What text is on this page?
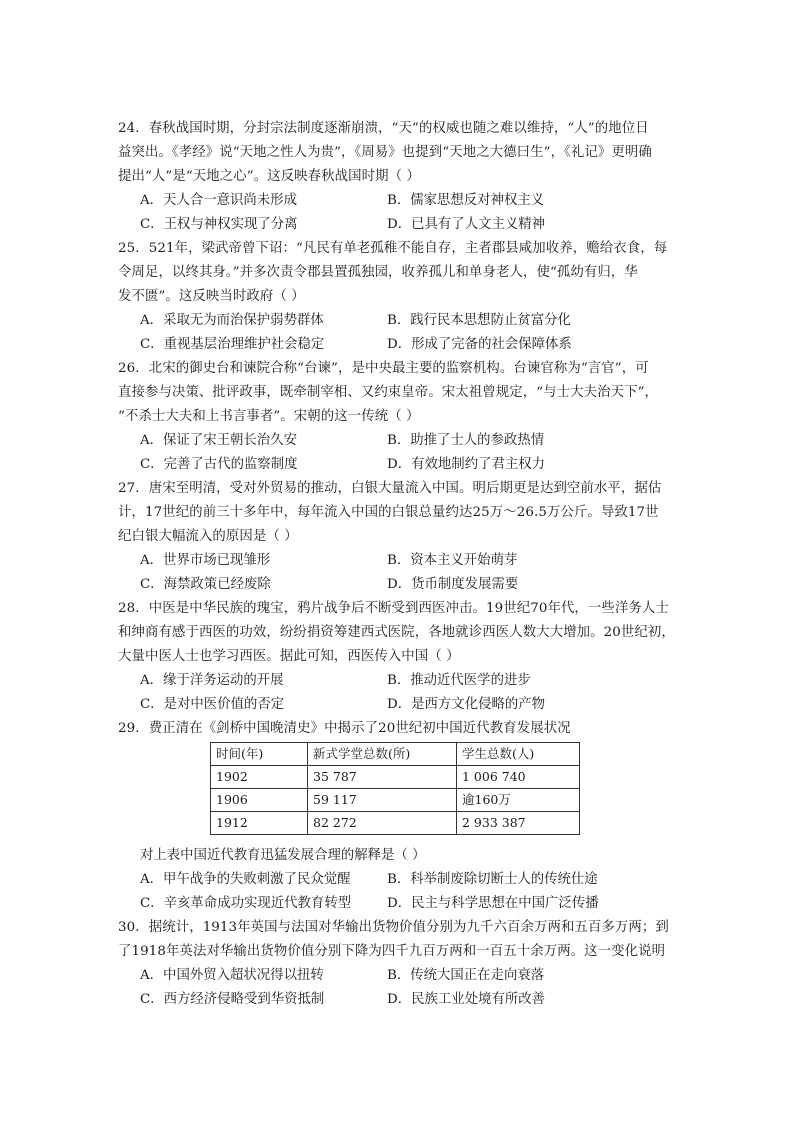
24．春秋战国时期，分封宗法制度逐渐崩溃，“天”的权威也随之难以维持，“人”的地位日
益突出。《孝经》说“天地之性人为贵”，《周易》也提到“天地之大德曰生”，《礼记》更明确
提出“人”是“天地之心”。这反映春秋战国时期（ ）
A．天人合一意识尚未形成	B．儒家思想反对神权主义
C．王权与神权实现了分离	D．已具有了人文主义精神
25．521年，梁武帝曾下诏：“凡民有单老孤稚不能自存，主者郡县咸加收养，赡给衣食，每
令周足，以终其身。”并多次责令郡县置孤独园，收养孤儿和单身老人，使“孤幼有归，华
发不匮”。这反映当时政府（ ）
A．采取无为而治保护弱势群体	B．践行民本思想防止贫富分化
C．重视基层治理维护社会稳定	D．形成了完备的社会保障体系
26．北宋的御史台和谏院合称“台谏”，是中央最主要的监察机构。台谏官称为“言官”，可
直接参与决策、批评政事，既牵制宰相、又约束皇帝。宋太祖曾规定，“与士大夫治天下”，
“不杀士大夫和上书言事者”。宋朝的这一传统（ ）
A．保证了宋王朝长治久安	B．助推了士人的参政热情
C．完善了古代的监察制度	D．有效地制约了君主权力
27．唐宋至明清，受对外贸易的推动，白银大量流入中国。明后期更是达到空前水平，据估
计，17世纪的前三十多年中，每年流入中国的白银总量约达25万～26.5万公斤。导致17世
纪白银大幅流入的原因是（ ）
A．世界市场已现雏形	B．资本主义开始萌芽
C．海禁政策已经废除	D．货币制度发展需要
28．中医是中华民族的瑰宝，鸦片战争后不断受到西医冲击。19世纪70年代，一些洋务人士
和绅商有感于西医的功效，纷纷捐资筹建西式医院，各地就诊西医人数大大增加。20世纪初，
大量中医人士也学习西医。据此可知，西医传入中国（ ）
A．缘于洋务运动的开展	B．推动近代医学的进步
C．是对中医价值的否定	D．是西方文化侵略的产物
29．费正清在《剑桥中国晚清史》中揭示了20世纪初中国近代教育发展状况
时间(年)	新式学堂总数(所)	学生总数(人)
1902	35 787	1 006 740
1906	59 117	逾160万
1912	82 272	2 933 387
对上表中国近代教育迅猛发展合理的解释是（ ）
A．甲午战争的失败刺激了民众觉醒	B．科举制废除切断士人的传统仕途
C．辛亥革命成功实现近代教育转型	D．民主与科学思想在中国广泛传播
30．据统计，1913年英国与法国对华输出货物价值分别为九千六百余万两和五百多万两；到
了1918年英法对华输出货物价值分别下降为四千九百万两和一百五十余万两。这一变化说明
A．中国外贸入超状况得以扭转	B．传统大国正在走向衰落
C．西方经济侵略受到华资抵制	D．民族工业处境有所改善
